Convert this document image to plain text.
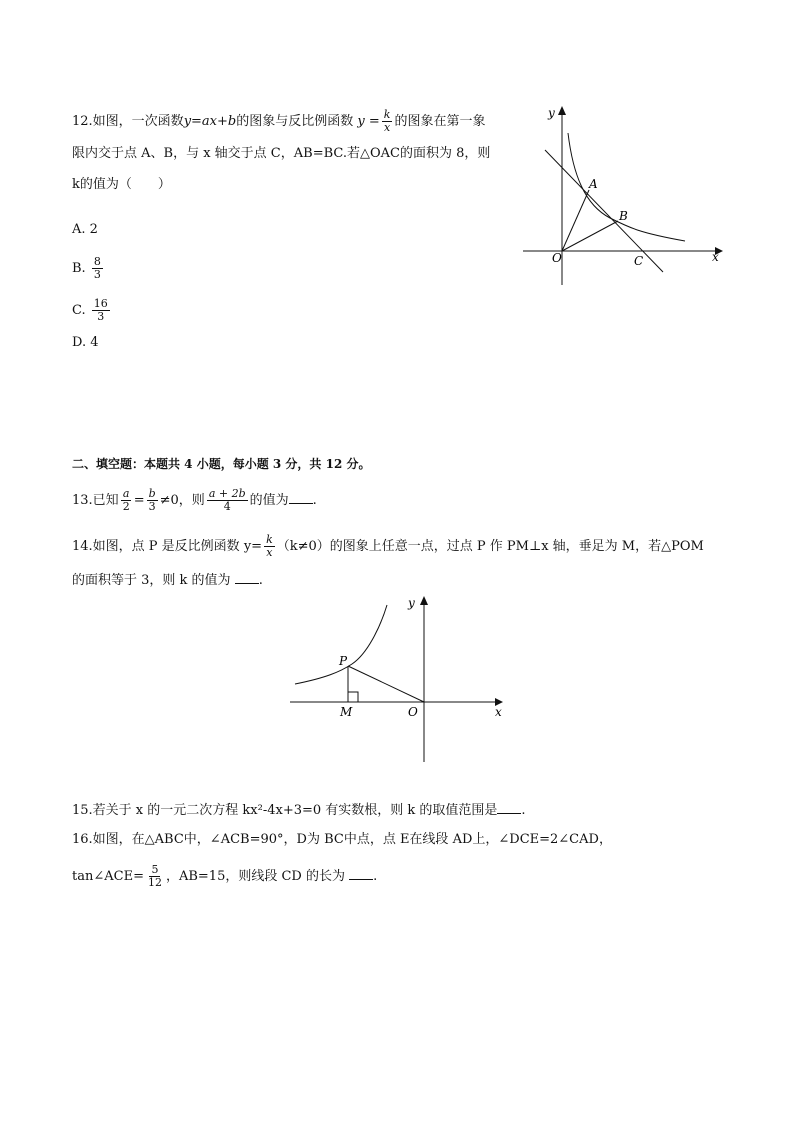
12.如图，一次函数y=ax+b的图象与反比例函数 $y = \frac{k}{x}$ 的图象在第一象
限内交于点 A、B，与 x 轴交于点 C，AB=BC.若△OAC的面积为 8，则
k的值为（　　）
A. 2
B. $\frac{8}{3}$
C. $\frac{16}{3}$
D. 4
y
x
A
B
O	C
二、填空题：本题共 4 小题，每小题 3 分，共 12 分。
13.已知 $\frac{a}{2} = \frac{b}{3} \ne 0$，则 $\frac{a + 2b}{4}$ 的值为 .
14.如图，点 P 是反比例函数 $y= \frac{k}{x} (k\ne 0)$的图象上任意一点，过点 P 作 PM⊥x 轴，垂足为 M，若△POM
的面积等于 3，则 k 的值为 .
P
M	O
y
x
15.若关于 x 的一元二次方程 kx²-4x+3=0 有实数根，则 k 的取值范围是 .
16.如图，在△ABC中，∠ACB=90°，D为 BC中点，点 E在线段 AD上，∠DCE=2∠CAD，
tan∠ACE= $\frac{5}{12}$ ，AB=15，则线段 CD 的长为 .
